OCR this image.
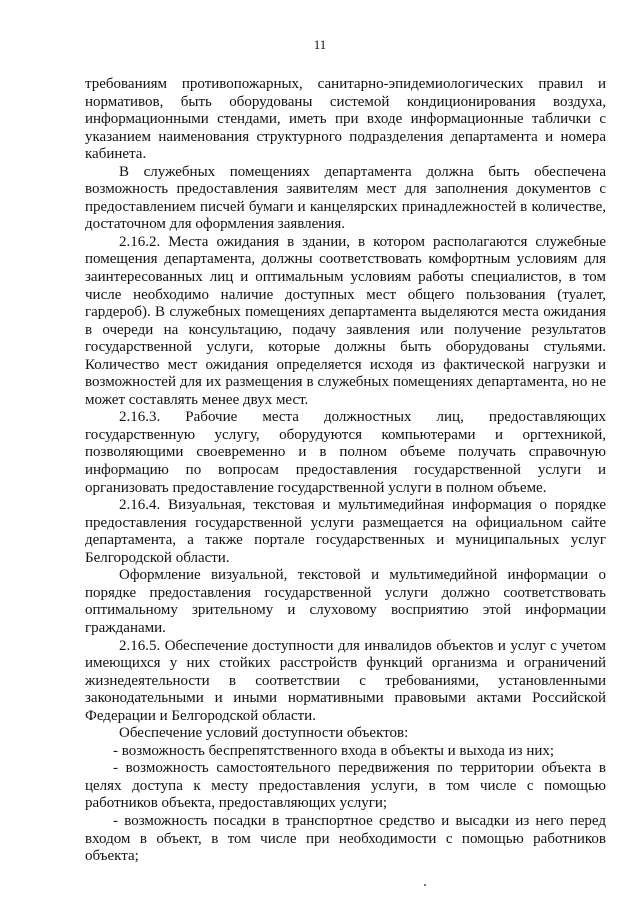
11

требованиям противопожарных, санитарно-эпидемиологических правил и нормативов, быть оборудованы системой кондиционирования воздуха, информационными стендами, иметь при входе информационные таблички с указанием наименования структурного подразделения департамента и номера кабинета.

В служебных помещениях департамента должна быть обеспечена возможность предоставления заявителям мест для заполнения документов с предоставлением писчей бумаги и канцелярских принадлежностей в количестве, достаточном для оформления заявления.

2.16.2. Места ожидания в здании, в котором располагаются служебные помещения департамента, должны соответствовать комфортным условиям для заинтересованных лиц и оптимальным условиям работы специалистов, в том числе необходимо наличие доступных мест общего пользования (туалет, гардероб). В служебных помещениях департамента выделяются места ожидания в очереди на консультацию, подачу заявления или получение результатов государственной услуги, которые должны быть оборудованы стульями. Количество мест ожидания определяется исходя из фактической нагрузки и возможностей для их размещения в служебных помещениях департамента, но не может составлять менее двух мест.

2.16.3. Рабочие места должностных лиц, предоставляющих государственную услугу, оборудуются компьютерами и оргтехникой, позволяющими своевременно и в полном объеме получать справочную информацию по вопросам предоставления государственной услуги и организовать предоставление государственной услуги в полном объеме.

2.16.4. Визуальная, текстовая и мультимедийная информация о порядке предоставления государственной услуги размещается на официальном сайте департамента, а также портале государственных и муниципальных услуг Белгородской области.

Оформление визуальной, текстовой и мультимедийной информации о порядке предоставления государственной услуги должно соответствовать оптимальному зрительному и слуховому восприятию этой информации гражданами.

2.16.5. Обеспечение доступности для инвалидов объектов и услуг с учетом имеющихся у них стойких расстройств функций организма и ограничений жизнедеятельности в соответствии с требованиями, установленными законодательными и иными нормативными правовыми актами Российской Федерации и Белгородской области.

Обеспечение условий доступности объектов:

- возможность беспрепятственного входа в объекты и выхода из них;

- возможность самостоятельного передвижения по территории объекта в целях доступа к месту предоставления услуги, в том числе с помощью работников объекта, предоставляющих услуги;

- возможность посадки в транспортное средство и высадки из него перед входом в объект, в том числе при необходимости с помощью работников объекта;
